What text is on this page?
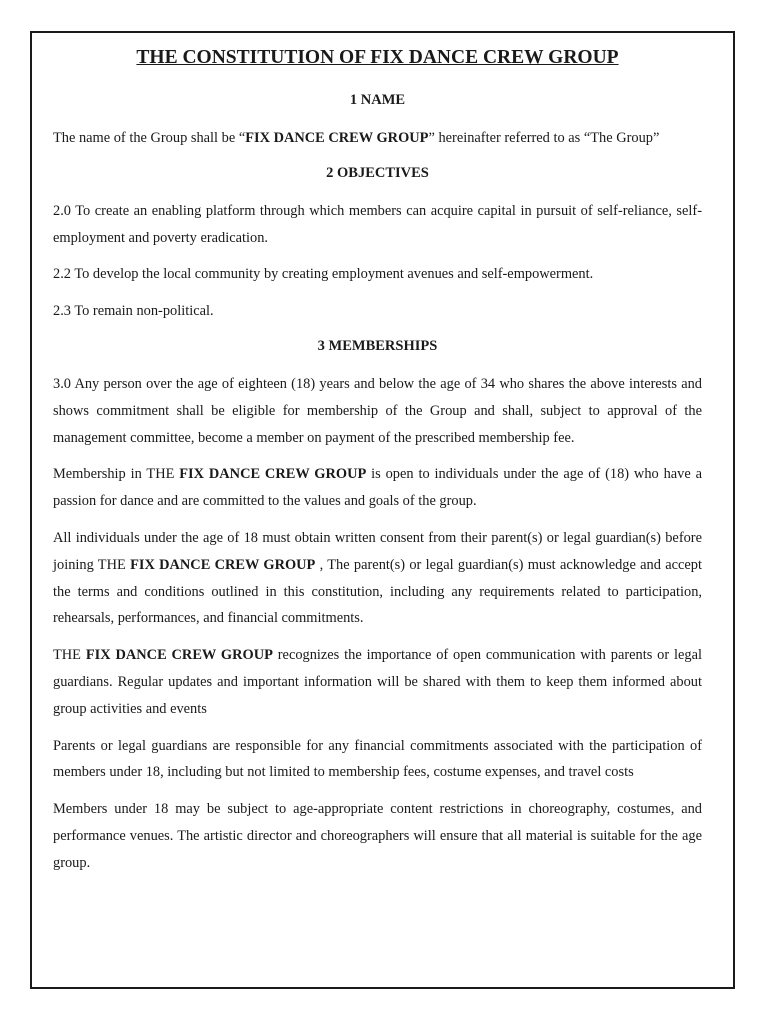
THE CONSTITUTION OF FIX DANCE CREW GROUP
1 NAME

The name of the Group shall be “FIX DANCE CREW GROUP” hereinafter referred to as “The Group”

2 OBJECTIVES

2.0 To create an enabling platform through which members can acquire capital in pursuit of self-reliance, self-employment and poverty eradication.

2.2 To develop the local community by creating employment avenues and self-empowerment.

2.3 To remain non-political.

3 MEMBERSHIPS

3.0 Any person over the age of eighteen (18) years and below the age of 34 who shares the above interests and shows commitment shall be eligible for membership of the Group and shall, subject to approval of the management committee, become a member on payment of the prescribed membership fee.

Membership in THE FIX DANCE CREW GROUP is open to individuals under the age of (18) who have a passion for dance and are committed to the values and goals of the group.

All individuals under the age of 18 must obtain written consent from their parent(s) or legal guardian(s) before joining THE FIX DANCE CREW GROUP , The parent(s) or legal guardian(s) must acknowledge and accept the terms and conditions outlined in this constitution, including any requirements related to participation, rehearsals, performances, and financial commitments.

THE FIX DANCE CREW GROUP recognizes the importance of open communication with parents or legal guardians. Regular updates and important information will be shared with them to keep them informed about group activities and events

Parents or legal guardians are responsible for any financial commitments associated with the participation of members under 18, including but not limited to membership fees, costume expenses, and travel costs

Members under 18 may be subject to age-appropriate content restrictions in choreography, costumes, and performance venues. The artistic director and choreographers will ensure that all material is suitable for the age group.
